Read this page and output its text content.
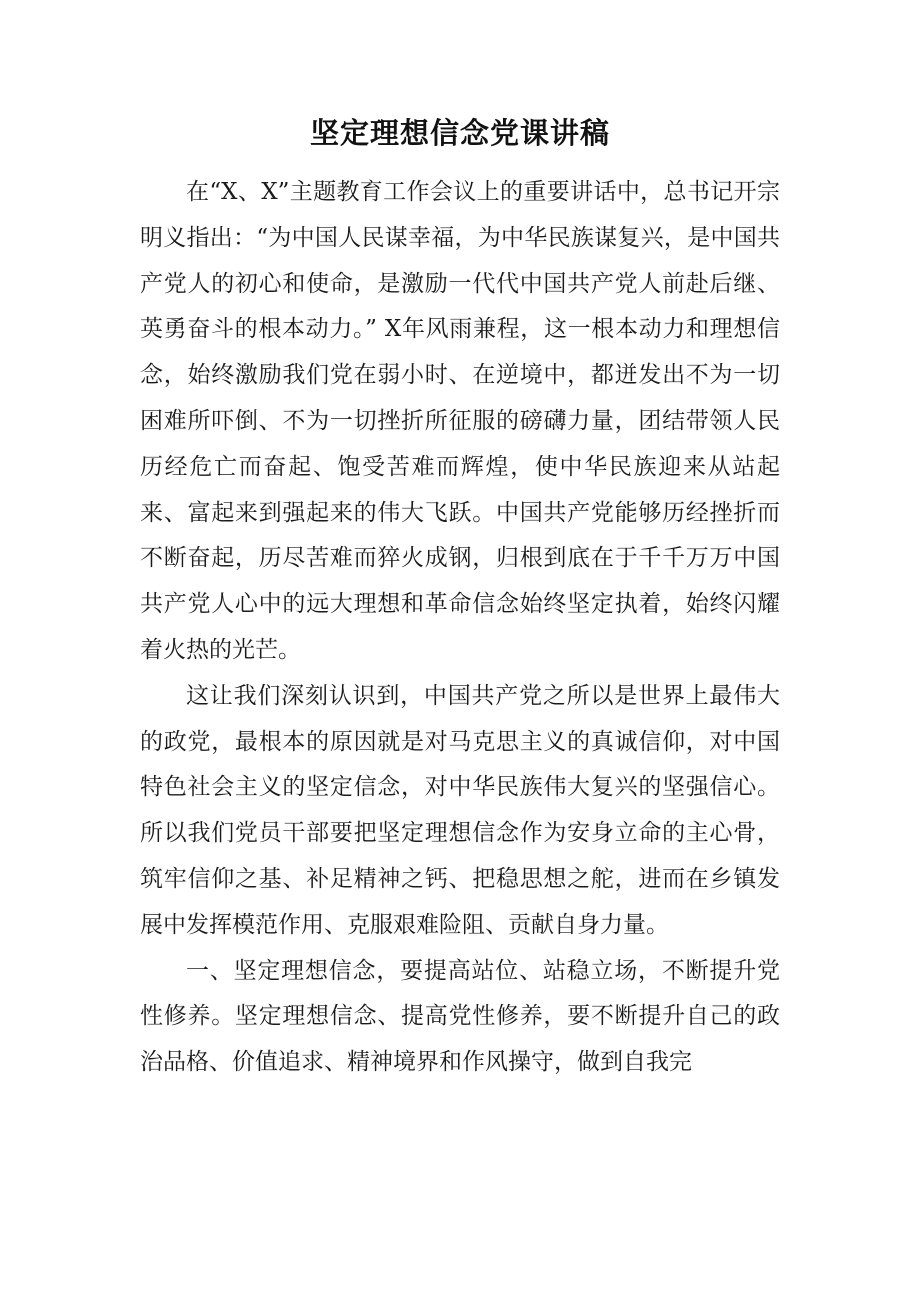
坚定理想信念党课讲稿

在“X、X”主题教育工作会议上的重要讲话中，总书记开宗明义指出：“为中国人民谋幸福，为中华民族谋复兴，是中国共产党人的初心和使命，是激励一代代中国共产党人前赴后继、英勇奋斗的根本动力。” X年风雨兼程，这一根本动力和理想信念，始终激励我们党在弱小时、在逆境中，都迸发出不为一切困难所吓倒、不为一切挫折所征服的磅礴力量，团结带领人民历经危亡而奋起、饱受苦难而辉煌，使中华民族迎来从站起来、富起来到强起来的伟大飞跃。中国共产党能够历经挫折而不断奋起，历尽苦难而猝火成钢，归根到底在于千千万万中国共产党人心中的远大理想和革命信念始终坚定执着，始终闪耀着火热的光芒。

这让我们深刻认识到，中国共产党之所以是世界上最伟大的政党，最根本的原因就是对马克思主义的真诚信仰，对中国特色社会主义的坚定信念，对中华民族伟大复兴的坚强信心。所以我们党员干部要把坚定理想信念作为安身立命的主心骨，筑牢信仰之基、补足精神之钙、把稳思想之舵，进而在乡镇发展中发挥模范作用、克服艰难险阻、贡献自身力量。

一、坚定理想信念，要提高站位、站稳立场，不断提升党性修养。坚定理想信念、提高党性修养，要不断提升自己的政治品格、价值追求、精神境界和作风操守，做到自我完
